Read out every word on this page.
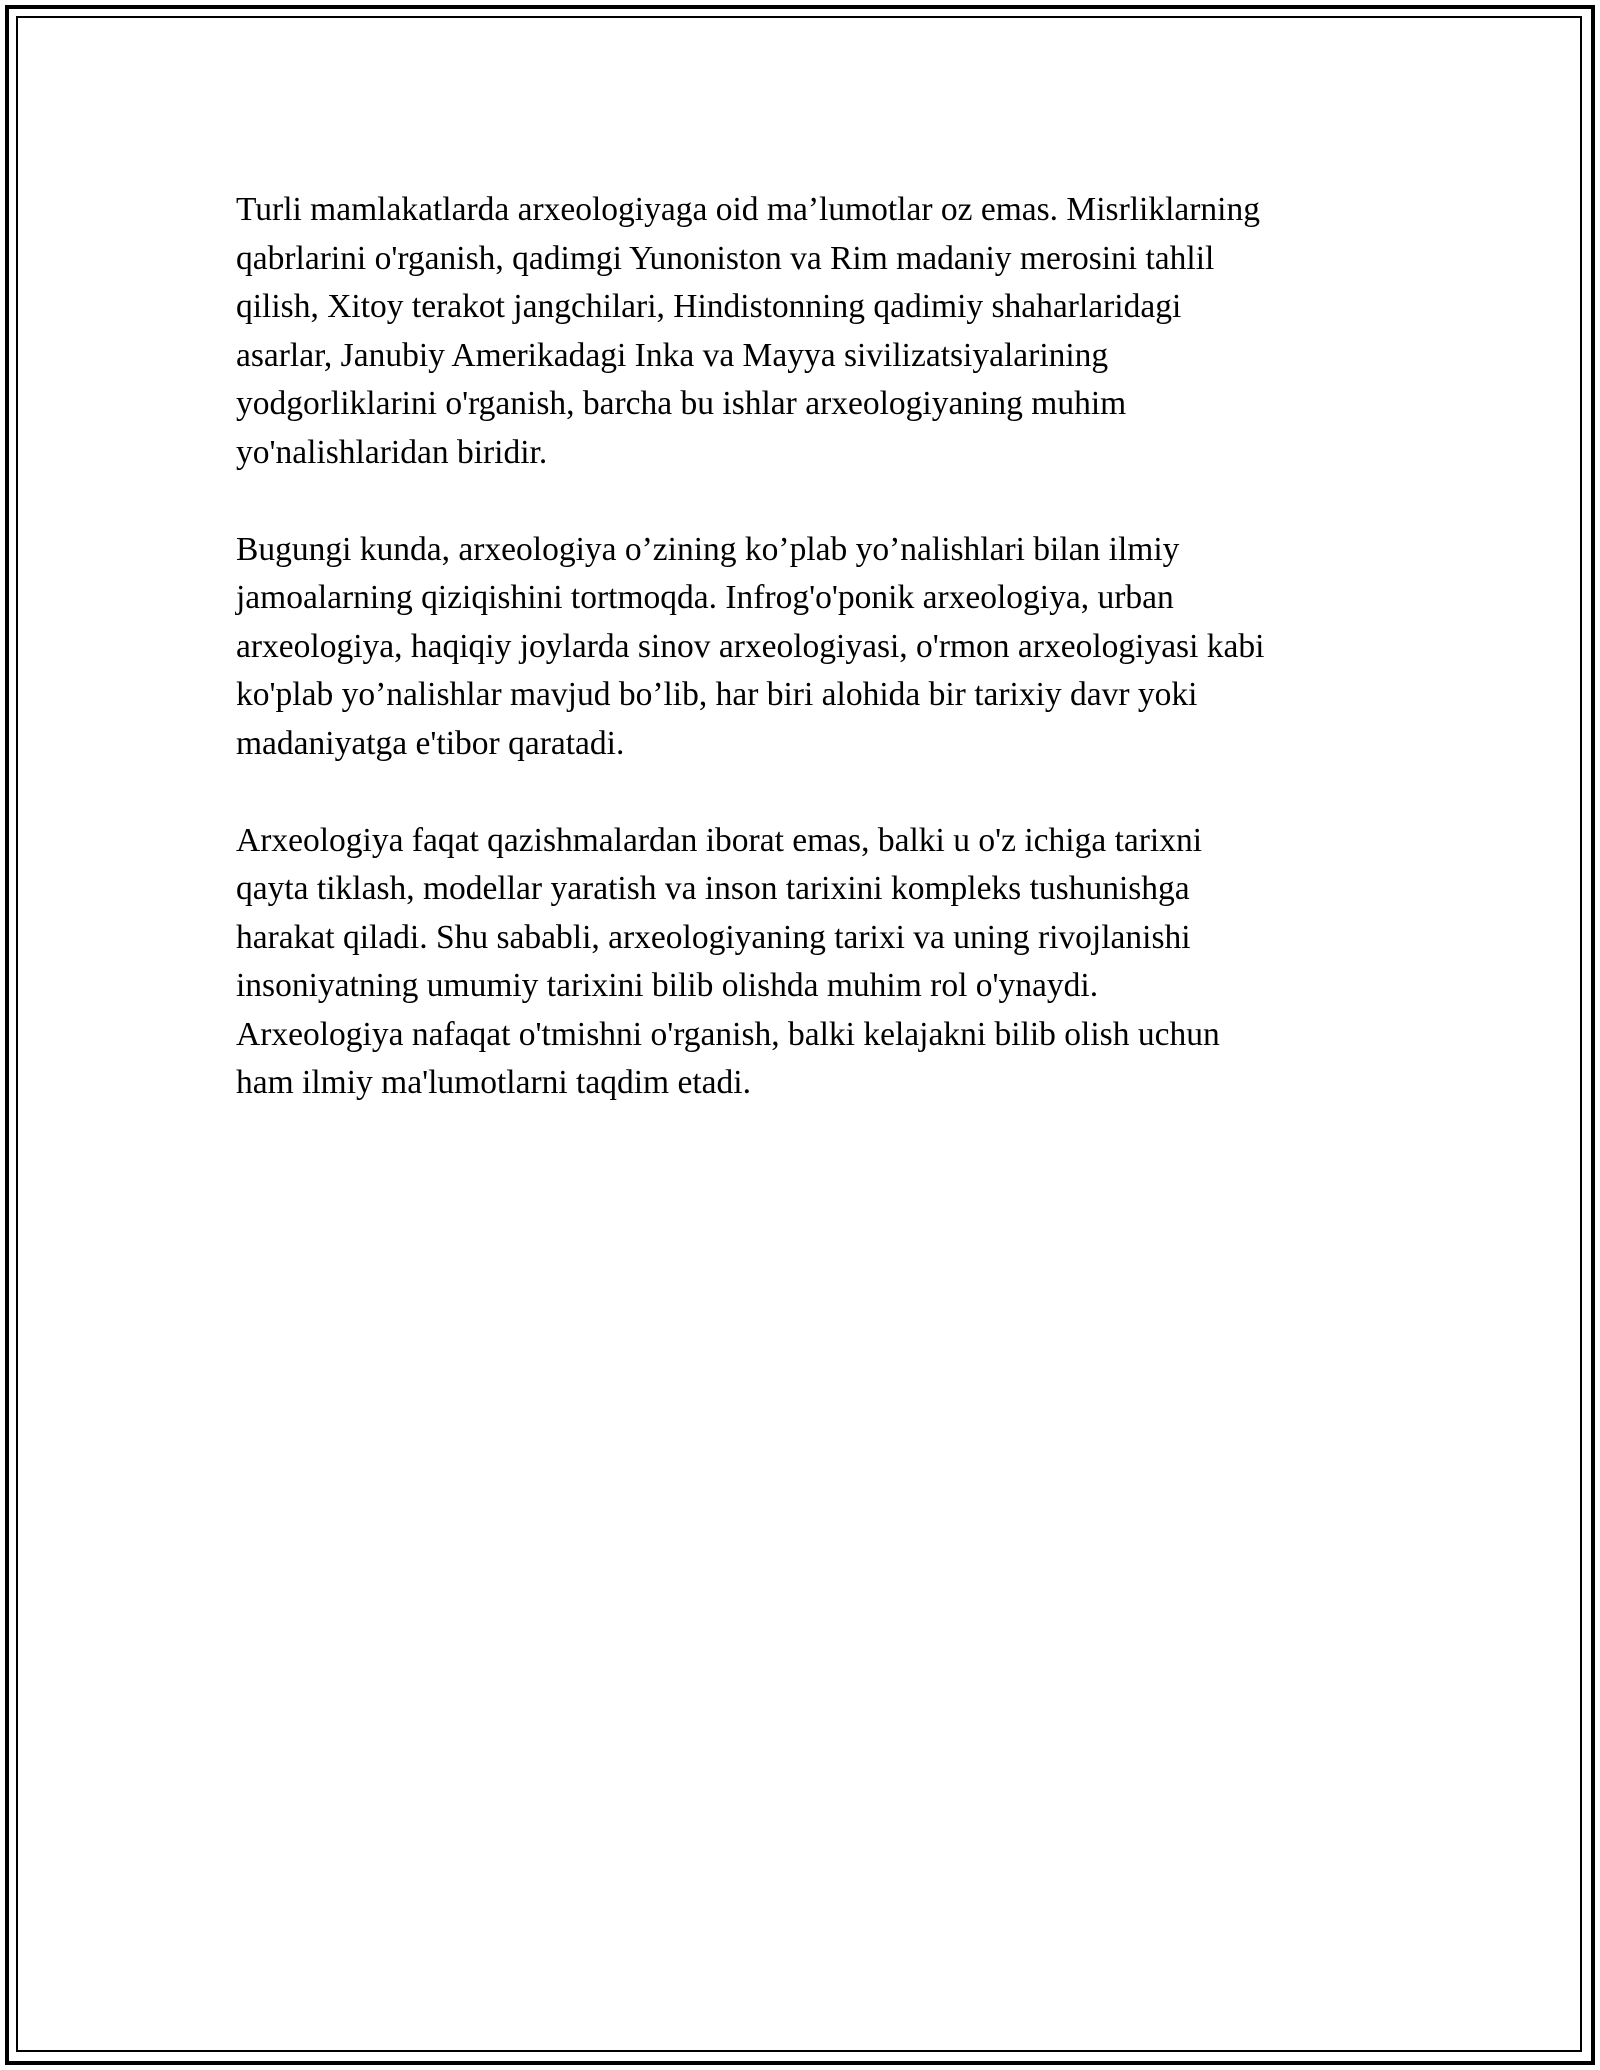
Turli mamlakatlarda arxeologiyaga oid ma’lumotlar oz emas. Misrliklarning
qabrlarini o'rganish, qadimgi Yunoniston va Rim madaniy merosini tahlil
qilish, Xitoy terakot jangchilari, Hindistonning qadimiy shaharlaridagi
asarlar, Janubiy Amerikadagi Inka va Mayya sivilizatsiyalarining
yodgorliklarini o'rganish, barcha bu ishlar arxeologiyaning muhim
yo'nalishlaridan biridir.

Bugungi kunda, arxeologiya o’zining ko’plab yo’nalishlari bilan ilmiy
jamoalarning qiziqishini tortmoqda. Infrog'o'ponik arxeologiya, urban
arxeologiya, haqiqiy joylarda sinov arxeologiyasi, o'rmon arxeologiyasi kabi
ko'plab yo’nalishlar mavjud bo’lib, har biri alohida bir tarixiy davr yoki
madaniyatga e'tibor qaratadi.

Arxeologiya faqat qazishmalardan iborat emas, balki u o'z ichiga tarixni
qayta tiklash, modellar yaratish va inson tarixini kompleks tushunishga
harakat qiladi. Shu sababli, arxeologiyaning tarixi va uning rivojlanishi
insoniyatning umumiy tarixini bilib olishda muhim rol o'ynaydi.
Arxeologiya nafaqat o'tmishni o'rganish, balki kelajakni bilib olish uchun
ham ilmiy ma'lumotlarni taqdim etadi.
